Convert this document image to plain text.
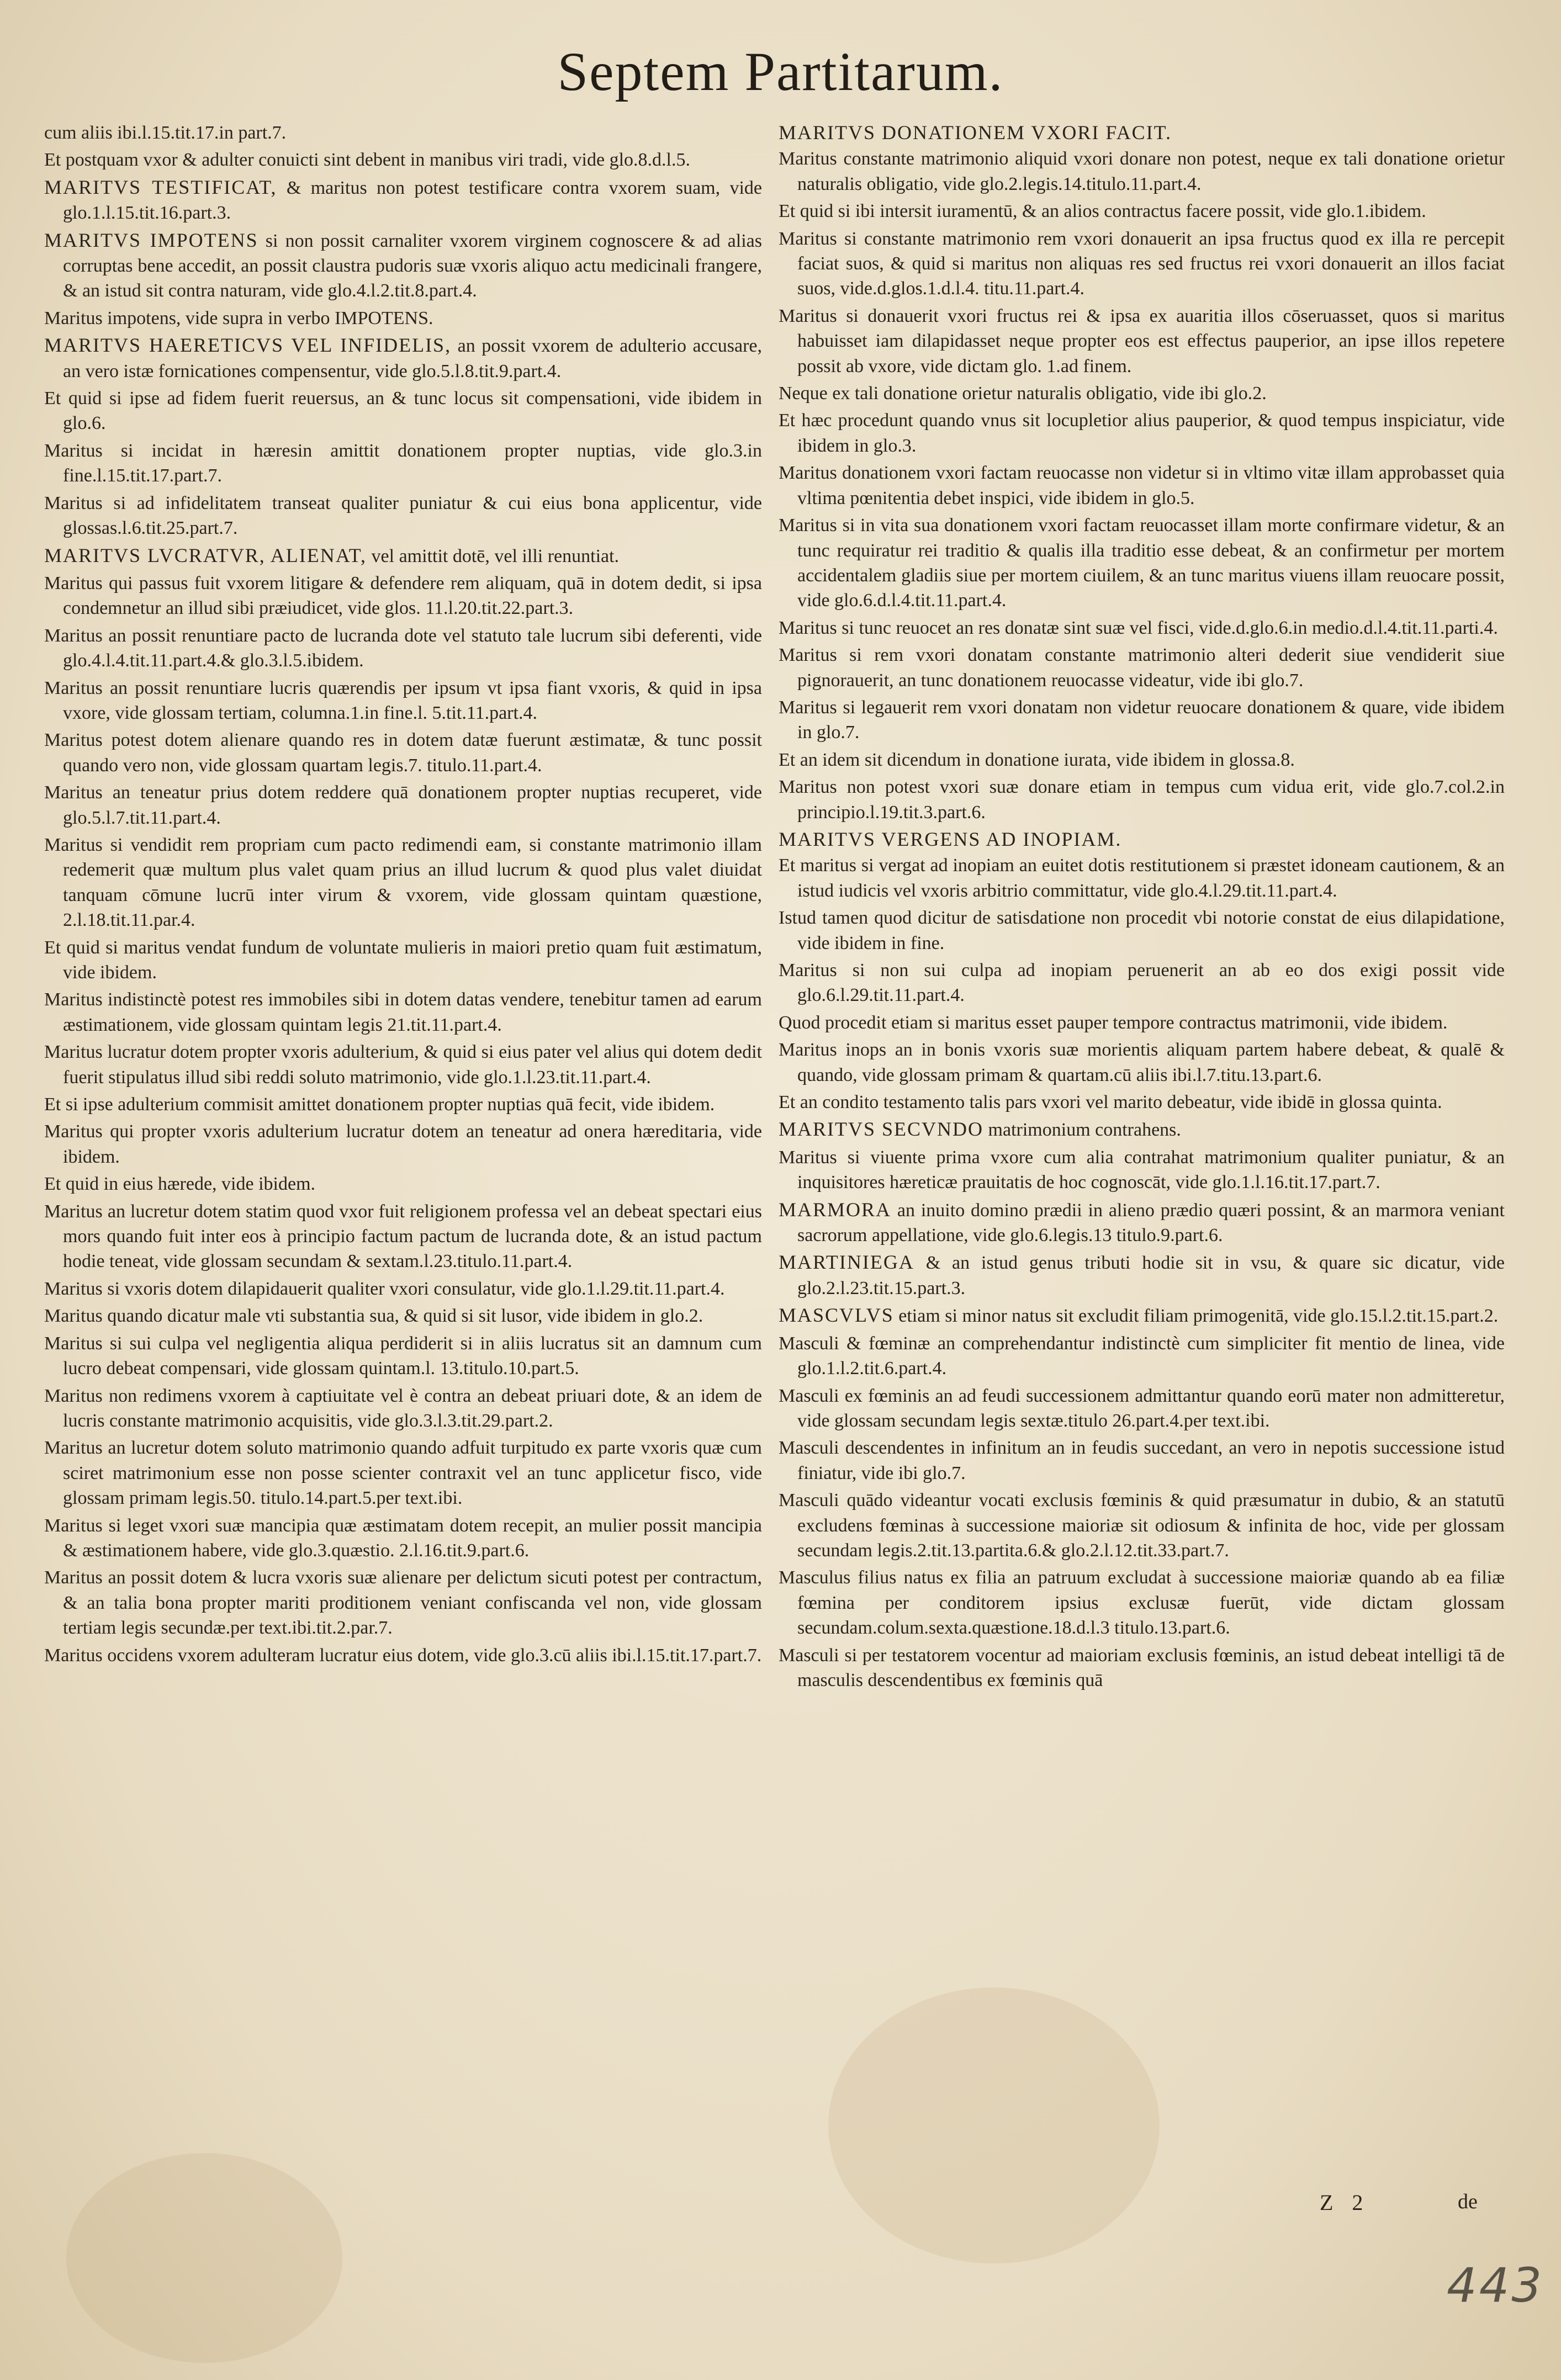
Septem Partitarum.

cum aliis ibi.l.15.tit.17.in part.7.

Et postquam vxor & adulter conuicti sint debent in manibus viri tradi, vide glo.8.d.l.5.

MARITVS TESTIFICAT, & maritus non potest testificare contra vxorem suam, vide glo.1.l.15.tit.16.part.3.

MARITVS IMPOTENS si non possit carnaliter vxorem virginem cognoscere & ad alias corruptas bene accedit, an possit claustra pudoris suæ vxoris aliquo actu medicinali frangere, & an istud sit contra naturam, vide glo.4.l.2.tit.8.part.4.

Maritus impotens, vide supra in verbo IMPOTENS.

MARITVS HAERETICVS VEL INFIDELIS, an possit vxorem de adulterio accusare, an vero istæ fornicationes compensentur, vide glo.5.l.8.tit.9.part.4.

Et quid si ipse ad fidem fuerit reuersus, an & tunc locus sit compensationi, vide ibidem in glo.6.

Maritus si incidat in hæresin amittit donationem propter nuptias, vide glo.3.in fine.l.15.tit.17.part.7.

Maritus si ad infidelitatem transeat qualiter puniatur & cui eius bona applicentur, vide glossas.l.6.tit.25.part.7.

MARITVS LVCRATVR, ALIENAT, vel amittit dotē, vel illi renuntiat.

Maritus qui passus fuit vxorem litigare & defendere rem aliquam, quā in dotem dedit, si ipsa condemnetur an illud sibi præiudicet, vide glos. 11.l.20.tit.22.part.3.

Maritus an possit renuntiare pacto de lucranda dote vel statuto tale lucrum sibi deferenti, vide glo.4.l.4.tit.11.part.4.& glo.3.l.5.ibidem.

Maritus an possit renuntiare lucris quærendis per ipsum vt ipsa fiant vxoris, & quid in ipsa vxore, vide glossam tertiam, columna.1.in fine.l. 5.tit.11.part.4.

Maritus potest dotem alienare quando res in dotem datæ fuerunt æstimatæ, & tunc possit quando vero non, vide glossam quartam legis.7. titulo.11.part.4.

Maritus an teneatur prius dotem reddere quā donationem propter nuptias recuperet, vide glo.5.l.7.tit.11.part.4.

Maritus si vendidit rem propriam cum pacto redimendi eam, si constante matrimonio illam redemerit quæ multum plus valet quam prius an illud lucrum & quod plus valet diuidat tanquam cōmune lucrū inter virum & vxorem, vide glossam quintam quæstione, 2.l.18.tit.11.par.4.

Et quid si maritus vendat fundum de voluntate mulieris in maiori pretio quam fuit æstimatum, vide ibidem.

Maritus indistinctè potest res immobiles sibi in dotem datas vendere, tenebitur tamen ad earum æstimationem, vide glossam quintam legis 21.tit.11.part.4.

Maritus lucratur dotem propter vxoris adulterium, & quid si eius pater vel alius qui dotem dedit fuerit stipulatus illud sibi reddi soluto matrimonio, vide glo.1.l.23.tit.11.part.4.

Et si ipse adulterium commisit amittet donationem propter nuptias quā fecit, vide ibidem.

Maritus qui propter vxoris adulterium lucratur dotem an teneatur ad onera hæreditaria, vide ibidem.

Et quid in eius hærede, vide ibidem.

Maritus an lucretur dotem statim quod vxor fuit religionem professa vel an debeat spectari eius mors quando fuit inter eos à principio factum pactum de lucranda dote, & an istud pactum hodie teneat, vide glossam secundam & sextam.l.23.titulo.11.part.4.

Maritus si vxoris dotem dilapidauerit qualiter vxori consulatur, vide glo.1.l.29.tit.11.part.4.

Maritus quando dicatur male vti substantia sua, & quid si sit lusor, vide ibidem in glo.2.

Maritus si sui culpa vel negligentia aliqua perdiderit si in aliis lucratus sit an damnum cum lucro debeat compensari, vide glossam quintam.l. 13.titulo.10.part.5.

Maritus non redimens vxorem à captiuitate vel è contra an debeat priuari dote, & an idem de lucris constante matrimonio acquisitis, vide glo.3.l.3.tit.29.part.2.

Maritus an lucretur dotem soluto matrimonio quando adfuit turpitudo ex parte vxoris quæ cum sciret matrimonium esse non posse scienter contraxit vel an tunc applicetur fisco, vide glossam primam legis.50. titulo.14.part.5.per text.ibi.

Maritus si leget vxori suæ mancipia quæ æstimatam dotem recepit, an mulier possit mancipia & æstimationem habere, vide glo.3.quæstio. 2.l.16.tit.9.part.6.

Maritus an possit dotem & lucra vxoris suæ alienare per delictum sicuti potest per contractum, & an talia bona propter mariti proditionem veniant confiscanda vel non, vide glossam tertiam legis secundæ.per text.ibi.tit.2.par.7.

Maritus occidens vxorem adulteram lucratur eius dotem, vide glo.3.cū aliis ibi.l.15.tit.17.part.7.

MARITVS DONATIONEM VXORI FACIT.

Maritus constante matrimonio aliquid vxori donare non potest, neque ex tali donatione orietur naturalis obligatio, vide glo.2.legis.14.titulo.11.part.4.

Et quid si ibi intersit iuramentū, & an alios contractus facere possit, vide glo.1.ibidem.

Maritus si constante matrimonio rem vxori donauerit an ipsa fructus quod ex illa re percepit faciat suos, & quid si maritus non aliquas res sed fructus rei vxori donauerit an illos faciat suos, vide.d.glos.1.d.l.4. titu.11.part.4.

Maritus si donauerit vxori fructus rei & ipsa ex auaritia illos cōseruasset, quos si maritus habuisset iam dilapidasset neque propter eos est effectus pauperior, an ipse illos repetere possit ab vxore, vide dictam glo. 1.ad finem.

Neque ex tali donatione orietur naturalis obligatio, vide ibi glo.2.

Et hæc procedunt quando vnus sit locupletior alius pauperior, & quod tempus inspiciatur, vide ibidem in glo.3.

Maritus donationem vxori factam reuocasse non videtur si in vltimo vitæ illam approbasset quia vltima pœnitentia debet inspici, vide ibidem in glo.5.

Maritus si in vita sua donationem vxori factam reuocasset illam morte confirmare videtur, & an tunc requiratur rei traditio & qualis illa traditio esse debeat, & an confirmetur per mortem accidentalem gladiis siue per mortem ciuilem, & an tunc maritus viuens illam reuocare possit, vide glo.6.d.l.4.tit.11.part.4.

Maritus si tunc reuocet an res donatæ sint suæ vel fisci, vide.d.glo.6.in medio.d.l.4.tit.11.parti.4.

Maritus si rem vxori donatam constante matrimonio alteri dederit siue vendiderit siue pignorauerit, an tunc donationem reuocasse videatur, vide ibi glo.7.

Maritus si legauerit rem vxori donatam non videtur reuocare donationem & quare, vide ibidem in glo.7.

Et an idem sit dicendum in donatione iurata, vide ibidem in glossa.8.

Maritus non potest vxori suæ donare etiam in tempus cum vidua erit, vide glo.7.col.2.in principio.l.19.tit.3.part.6.

MARITVS VERGENS AD INOPIAM.

Et maritus si vergat ad inopiam an euitet dotis restitutionem si præstet idoneam cautionem, & an istud iudicis vel vxoris arbitrio committatur, vide glo.4.l.29.tit.11.part.4.

Istud tamen quod dicitur de satisdatione non procedit vbi notorie constat de eius dilapidatione, vide ibidem in fine.

Maritus si non sui culpa ad inopiam peruenerit an ab eo dos exigi possit vide glo.6.l.29.tit.11.part.4.

Quod procedit etiam si maritus esset pauper tempore contractus matrimonii, vide ibidem.

Maritus inops an in bonis vxoris suæ morientis aliquam partem habere debeat, & qualē & quando, vide glossam primam & quartam.cū aliis ibi.l.7.titu.13.part.6.

Et an condito testamento talis pars vxori vel marito debeatur, vide ibidē in glossa quinta.

MARITVS SECVNDO matrimonium contrahens.

Maritus si viuente prima vxore cum alia contrahat matrimonium qualiter puniatur, & an inquisitores hæreticæ prauitatis de hoc cognoscāt, vide glo.1.l.16.tit.17.part.7.

MARMORA an inuito domino prædii in alieno prædio quæri possint, & an marmora veniant sacrorum appellatione, vide glo.6.legis.13 titulo.9.part.6.

MARTINIEGA & an istud genus tributi hodie sit in vsu, & quare sic dicatur, vide glo.2.l.23.tit.15.part.3.

MASCVLVS etiam si minor natus sit excludit filiam primogenitā, vide glo.15.l.2.tit.15.part.2.

Masculi & fœminæ an comprehendantur indistinctè cum simpliciter fit mentio de linea, vide glo.1.l.2.tit.6.part.4.

Masculi ex fœminis an ad feudi successionem admittantur quando eorū mater non admitteretur, vide glossam secundam legis sextæ.titulo 26.part.4.per text.ibi.

Masculi descendentes in infinitum an in feudis succedant, an vero in nepotis successione istud finiatur, vide ibi glo.7.

Masculi quādo videantur vocati exclusis fœminis & quid præsumatur in dubio, & an statutū excludens fœminas à successione maioriæ sit odiosum & infinita de hoc, vide per glossam secundam legis.2.tit.13.partita.6.& glo.2.l.12.tit.33.part.7.

Masculus filius natus ex filia an patruum excludat à successione maioriæ quando ab ea filiæ fœmina per conditorem ipsius exclusæ fuerūt, vide dictam glossam secundam.colum.sexta.quæstione.18.d.l.3 titulo.13.part.6.

Masculi si per testatorem vocentur ad maioriam exclusis fœminis, an istud debeat intelligi tā de masculis descendentibus ex fœminis quā

Z 2	de
443
